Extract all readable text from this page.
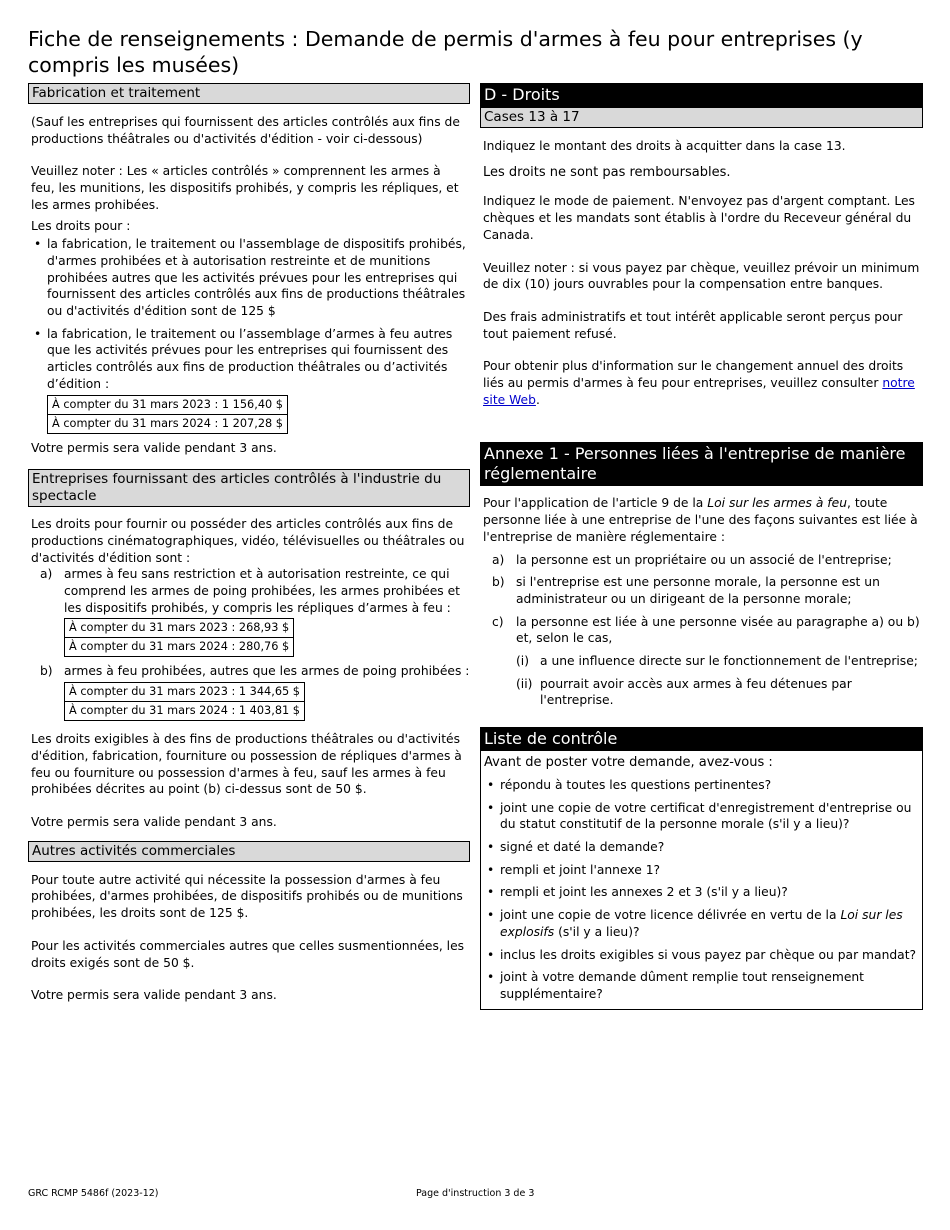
Fiche de renseignements : Demande de permis d'armes à feu pour entreprises (y compris les musées)
Fabrication et traitement

(Sauf les entreprises qui fournissent des articles contrôlés aux fins de productions théâtrales ou d'activités d'édition - voir ci-dessous)

Veuillez noter : Les « articles contrôlés » comprennent les armes à feu, les munitions, les dispositifs prohibés, y compris les répliques, et les armes prohibées.

Les droits pour :

• la fabrication, le traitement ou l'assemblage de dispositifs prohibés, d'armes prohibées et à autorisation restreinte et de munitions prohibées autres que les activités prévues pour les entreprises qui fournissent des articles contrôlés aux fins de productions théâtrales ou d'activités d'édition sont de 125 $
• la fabrication, le traitement ou l’assemblage d’armes à feu autres que les activités prévues pour les entreprises qui fournissent des articles contrôlés aux fins de production théâtrales ou d’activités d’édition :
À compter du 31 mars 2023 : 1 156,40 $
À compter du 31 mars 2024 : 1 207,28 $

Votre permis sera valide pendant 3 ans.

Entreprises fournissant des articles contrôlés à l'industrie du spectacle

Les droits pour fournir ou posséder des articles contrôlés aux fins de productions cinématographiques, vidéo, télévisuelles ou théâtrales ou d'activités d'édition sont :

a) armes à feu sans restriction et à autorisation restreinte, ce qui comprend les armes de poing prohibées, les armes prohibées et les dispositifs prohibés, y compris les répliques d’armes à feu :
À compter du 31 mars 2023 : 268,93 $
À compter du 31 mars 2024 : 280,76 $
b) armes à feu prohibées, autres que les armes de poing prohibées :
À compter du 31 mars 2023 : 1 344,65 $
À compter du 31 mars 2024 : 1 403,81 $

Les droits exigibles à des fins de productions théâtrales ou d'activités d'édition, fabrication, fourniture ou possession de répliques d'armes à feu ou fourniture ou possession d'armes à feu, sauf les armes à feu prohibées décrites au point (b) ci-dessus sont de 50 $.

Votre permis sera valide pendant 3 ans.

Autres activités commerciales

Pour toute autre activité qui nécessite la possession d'armes à feu prohibées, d'armes prohibées, de dispositifs prohibés ou de munitions prohibées, les droits sont de 125 $.

Pour les activités commerciales autres que celles susmentionnées, les droits exigés sont de 50 $.

Votre permis sera valide pendant 3 ans.

D - Droits
Cases 13 à 17

Indiquez le montant des droits à acquitter dans la case 13.

Les droits ne sont pas remboursables.

Indiquez le mode de paiement. N'envoyez pas d'argent comptant. Les chèques et les mandats sont établis à l'ordre du Receveur général du Canada.

Veuillez noter : si vous payez par chèque, veuillez prévoir un minimum de dix (10) jours ouvrables pour la compensation entre banques.

Des frais administratifs et tout intérêt applicable seront perçus pour tout paiement refusé.

Pour obtenir plus d'information sur le changement annuel des droits liés au permis d'armes à feu pour entreprises, veuillez consulter notre site Web.

Annexe 1 - Personnes liées à l'entreprise de manière réglementaire

Pour l'application de l'article 9 de la Loi sur les armes à feu, toute personne liée à une entreprise de l'une des façons suivantes est liée à l'entreprise de manière réglementaire :

a) la personne est un propriétaire ou un associé de l'entreprise;
b) si l'entreprise est une personne morale, la personne est un administrateur ou un dirigeant de la personne morale;
c) la personne est liée à une personne visée au paragraphe a) ou b) et, selon le cas,
(i) a une influence directe sur le fonctionnement de l'entreprise;
(ii) pourrait avoir accès aux armes à feu détenues par l'entreprise.
Liste de contrôle

Avant de poster votre demande, avez-vous :

• répondu à toutes les questions pertinentes?
• joint une copie de votre certificat d'enregistrement d'entreprise ou du statut constitutif de la personne morale (s'il y a lieu)?
• signé et daté la demande?
• rempli et joint l'annexe 1?
• rempli et joint les annexes 2 et 3 (s'il y a lieu)?
• joint une copie de votre licence délivrée en vertu de la Loi sur les explosifs (s'il y a lieu)?
• inclus les droits exigibles si vous payez par chèque ou par mandat?
• joint à votre demande dûment remplie tout renseignement supplémentaire?
GRC RCMP 5486f (2023-12)	Page d'instruction 3 de 3
